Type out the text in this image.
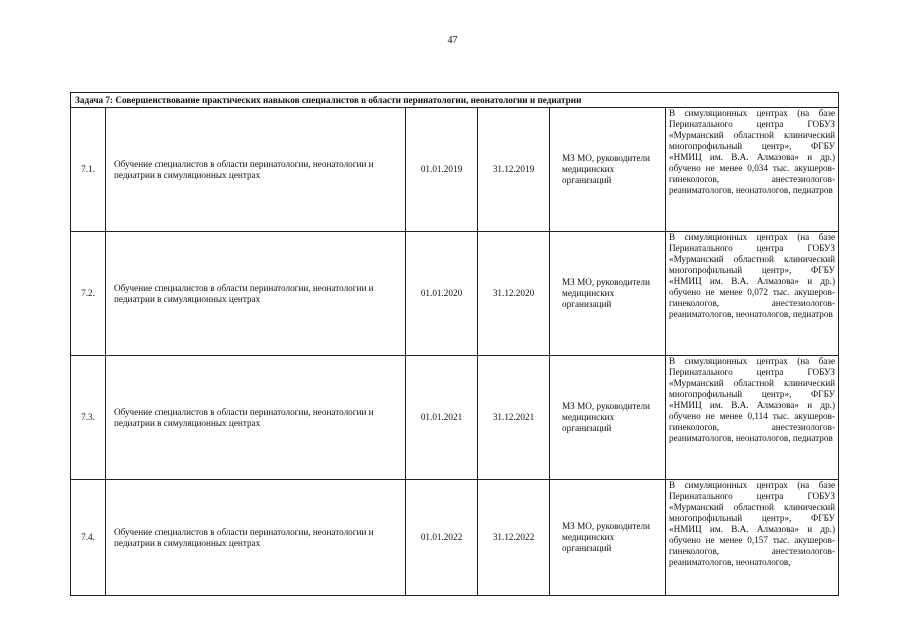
47
Задача 7: Совершенствование практических навыков специалистов в области перинатологии, неонатологии и педиатрии					
7.1.	Обучение специалистов в области перинатологии, неонатологии и педиатрии в симуляционных центрах	01.01.2019	31.12.2019	МЗ МО, руководители медицинских организаций	В симуляционных центрах (на базе Перинатального центра ГОБУЗ «Мурманский областной клинический многопрофильный центр», ФГБУ «НМИЦ им. В.А. Алмазова» и др.) обучено не менее 0,034 тыс. акушеров-гинекологов, анестезиологов-реаниматологов, неонатологов, педиатров
7.2.	Обучение специалистов в области перинатологии, неонатологии и педиатрии в симуляционных центрах	01.01.2020	31.12.2020	МЗ МО, руководители медицинских организаций	В симуляционных центрах (на базе Перинатального центра ГОБУЗ «Мурманский областной клинический многопрофильный центр», ФГБУ «НМИЦ им. В.А. Алмазова» и др.) обучено не менее 0,072 тыс. акушеров-гинекологов, анестезиологов-реаниматологов, неонатологов, педиатров
7.3.	Обучение специалистов в области перинатологии, неонатологии и педиатрии в симуляционных центрах	01.01.2021	31.12.2021	МЗ МО, руководители медицинских организаций	В симуляционных центрах (на базе Перинатального центра ГОБУЗ «Мурманский областной клинический многопрофильный центр», ФГБУ «НМИЦ им. В.А. Алмазова» и др.) обучено не менее 0,114 тыс. акушеров-гинекологов, анестезиологов-реаниматологов, неонатологов, педиатров
7.4.	Обучение специалистов в области перинатологии, неонатологии и педиатрии в симуляционных центрах	01.01.2022	31.12.2022	МЗ МО, руководители медицинских организаций	В симуляционных центрах (на базе Перинатального центра ГОБУЗ «Мурманский областной клинический многопрофильный центр», ФГБУ «НМИЦ им. В.А. Алмазова» и др.) обучено не менее 0,157 тыс. акушеров-гинекологов, анестезиологов-реаниматологов, неонатологов,
